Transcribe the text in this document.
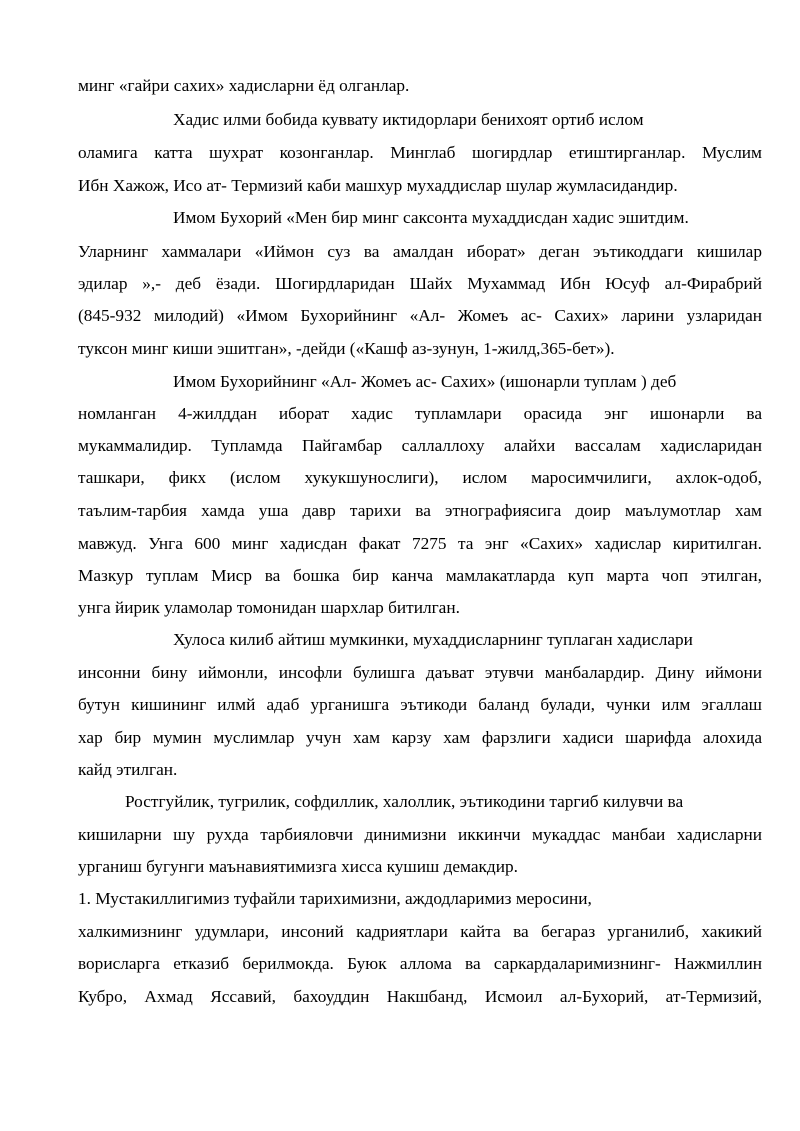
минг «гайри сахих» хадисларни ёд олганлар.
Хадис илми бобида кувватy иктидорлари бенихоят ортиб ислом
оламига катта шухрат козонганлар. Минглаб шогирдлар етиштирганлар. Муслим
Ибн Хажож, Исо ат- Термизий каби машхур мухаддислар шулар жумласидандир.
Имом Бухорий «Мен бир минг саксонта мухаддисдан хадис эшитдим.
Уларнинг хаммалари «Иймон суз ва амалдан иборат» деган эътикоддаги кишилар
эдилар »,- деб ёзади. Шогирдларидан Шайх Мухаммад Ибн Юсуф ал-Фирабрий
(845-932 милодий) «Имом Бухорийнинг «Ал- Жомеъ ас- Сахих» ларини узларидан
туксон минг киши эшитган», -дейди («Кашф аз-зунун, 1-жилд,365-бет»).
Имом Бухорийнинг «Ал- Жомеъ ас- Сахих» (ишонарли туплам ) деб
номланган 4-жилддан иборат хадис тупламлари орасида энг ишонарли ва
мукаммалидир. Тупламда Пайгамбар саллаллоху алайхи вассалам хадисларидан
ташкари, фикх (ислом хукукшунослиги), ислом маросимчилиги, ахлок-одоб,
таълим-тарбия хамда уша давр тарихи ва этнографиясига доир маълумотлар хам
мавжуд. Унга 600 минг хадисдан факат 7275 та энг «Сахих» хадислар киритилган.
Мазкур туплам Миср ва бошка бир канча мамлакатларда куп марта чоп этилган,
унга йирик уламолар томонидан шархлар битилган.
Хулоса килиб айтиш мумкинки, мухаддисларнинг туплаган хадислари
инсонни бину иймонли, инсофли булишга даъват этувчи манбалардир. Дину иймони
бутун кишининг илмй адаб урганишга эътикоди баланд булади, чунки илм эгаллаш
хар бир мумин муслимлар учун хам карзу хам фарзлиги хадиси шарифда алохида
кайд этилган.
Ростгуйлик, тугрилик, софдиллик, халоллик, эътикодини таргиб килувчи ва
кишиларни шу рухда тарбияловчи динимизни иккинчи мукаддас манбаи хадисларни
урганиш бугунги маънавиятимизга хисса кушиш демакдир.
1. Мустакиллигимиз туфайли тарихимизни, аждодларимиз меросини,
халкимизнинг удумлари, инсоний кадриятлари кайта ва бегараз урганилиб, хакикий
ворисларга етказиб берилмокда. Буюк аллома ва саркардаларимизнинг- Нажмиллин
Кубро, Ахмад Яссавий, бахоуддин Накшбанд, Исмоил ал-Бухорий, ат-Термизий,
